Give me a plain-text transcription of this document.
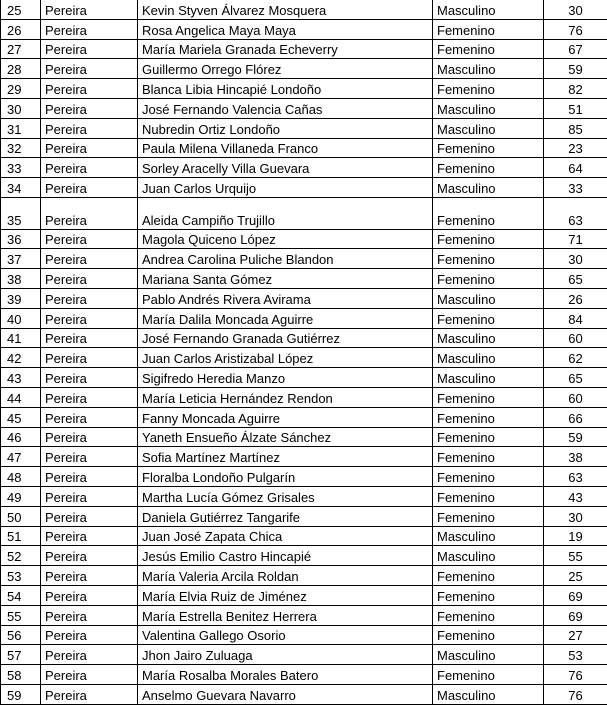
25	Pereira	Kevin Styven Álvarez Mosquera	Masculino	30
26	Pereira	Rosa Angelica Maya Maya	Femenino	76
27	Pereira	María Mariela Granada Echeverry	Femenino	67
28	Pereira	Guillermo Orrego Flórez	Masculino	59
29	Pereira	Blanca Libia Hincapié Londoño	Femenino	82
30	Pereira	José Fernando Valencia Cañas	Masculino	51
31	Pereira	Nubredin Ortiz Londoño	Masculino	85
32	Pereira	Paula Milena Villaneda Franco	Femenino	23
33	Pereira	Sorley Aracelly Villa Guevara	Femenino	64
34	Pereira	Juan Carlos Urquijo	Masculino	33
35	Pereira	Aleida Campiño Trujillo	Femenino	63
36	Pereira	Magola Quiceno López	Femenino	71
37	Pereira	Andrea Carolina Puliche Blandon	Femenino	30
38	Pereira	Mariana Santa Gómez	Femenino	65
39	Pereira	Pablo Andrés Rivera Avirama	Masculino	26
40	Pereira	María Dalila Moncada Aguirre	Femenino	84
41	Pereira	José Fernando Granada Gutiérrez	Masculino	60
42	Pereira	Juan Carlos Aristizabal López	Masculino	62
43	Pereira	Sigifredo Heredia Manzo	Masculino	65
44	Pereira	María Leticia Hernández Rendon	Femenino	60
45	Pereira	Fanny Moncada Aguirre	Femenino	66
46	Pereira	Yaneth Ensueño Álzate Sánchez	Femenino	59
47	Pereira	Sofia Martínez Martínez	Femenino	38
48	Pereira	Floralba Londoño Pulgarín	Femenino	63
49	Pereira	Martha Lucía Gómez Grisales	Femenino	43
50	Pereira	Daniela Gutiérrez Tangarife	Femenino	30
51	Pereira	Juan José Zapata Chica	Masculino	19
52	Pereira	Jesús Emilio Castro Hincapié	Masculino	55
53	Pereira	María Valeria Arcila Roldan	Femenino	25
54	Pereira	María Elvia Ruiz de Jiménez	Femenino	69
55	Pereira	María Estrella Benitez Herrera	Femenino	69
56	Pereira	Valentina Gallego Osorio	Femenino	27
57	Pereira	Jhon Jairo Zuluaga	Masculino	53
58	Pereira	María Rosalba Morales Batero	Femenino	76
59	Pereira	Anselmo Guevara Navarro	Masculino	76
